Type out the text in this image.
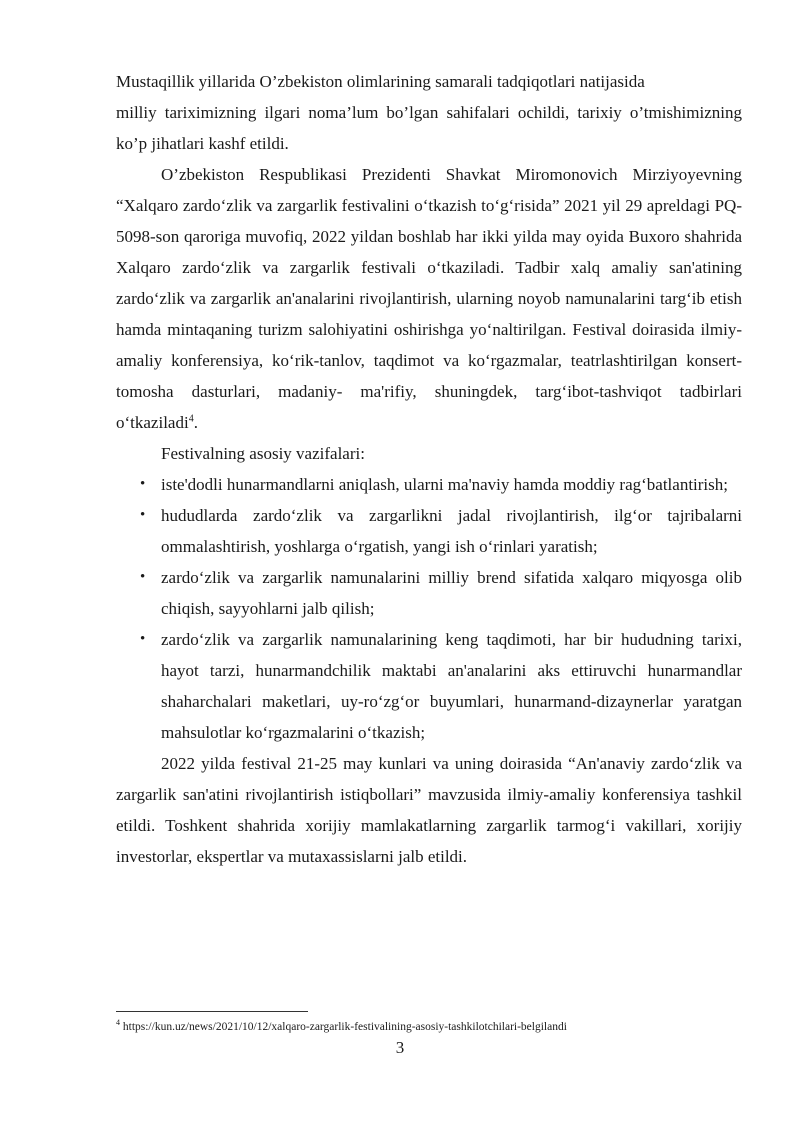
Mustaqillik yillarida O’zbekiston olimlarining samarali tadqiqotlari natijasida

milliy tariximizning ilgari noma’lum bo’lgan sahifalari ochildi, tarixiy o’tmishimizning ko’p jihatlari kashf etildi.

O’zbekiston Respublikasi Prezidenti Shavkat Miromonovich Mirziyoyevning “Xalqaro zardo‘zlik va zargarlik festivalini o‘tkazish to‘g‘risida” 2021 yil 29 apreldagi PQ-5098-son qaroriga muvofiq, 2022 yildan boshlab har ikki yilda may oyida Buxoro shahrida Xalqaro zardo‘zlik va zargarlik festivali o‘tkaziladi. Tadbir xalq amaliy san'atining zardo‘zlik va zargarlik an'analarini rivojlantirish, ularning noyob namunalarini targ‘ib etish hamda mintaqaning turizm salohiyatini oshirishga yo‘naltirilgan. Festival doirasida ilmiy-amaliy konferensiya, ko‘rik-tanlov, taqdimot va ko‘rgazmalar, teatrlashtirilgan konsert-tomosha dasturlari, madaniy- ma'rifiy, shuningdek, targ‘ibot-tashviqot tadbirlari o‘tkaziladi$^4$.

Festivalning asosiy vazifalari:

• iste'dodli hunarmandlarni aniqlash, ularni ma'naviy hamda moddiy rag‘batlantirish;
• hududlarda zardo‘zlik va zargarlikni jadal rivojlantirish, ilg‘or tajribalarni ommalashtirish, yoshlarga o‘rgatish, yangi ish o‘rinlari yaratish;
• zardo‘zlik va zargarlik namunalarini milliy brend sifatida xalqaro miqyosga olib chiqish, sayyohlarni jalb qilish;
• zardo‘zlik va zargarlik namunalarining keng taqdimoti, har bir hududning tarixi, hayot tarzi, hunarmandchilik maktabi an'analarini aks ettiruvchi hunarmandlar shaharchalari maketlari, uy-ro‘zg‘or buyumlari, hunarmand-dizaynerlar yaratgan mahsulotlar ko‘rgazmalarini o‘tkazish;

2022 yilda festival 21-25 may kunlari va uning doirasida “An'anaviy zardo‘zlik va zargarlik san'atini rivojlantirish istiqbollari” mavzusida ilmiy-amaliy konferensiya tashkil etildi. Toshkent shahrida xorijiy mamlakatlarning zargarlik tarmog‘i vakillari, xorijiy investorlar, ekspertlar va mutaxassislarni jalb etildi.

$^4$ https://kun.uz/news/2021/10/12/xalqaro-zargarlik-festivalining-asosiy-tashkilotchilari-belgilandi
3
